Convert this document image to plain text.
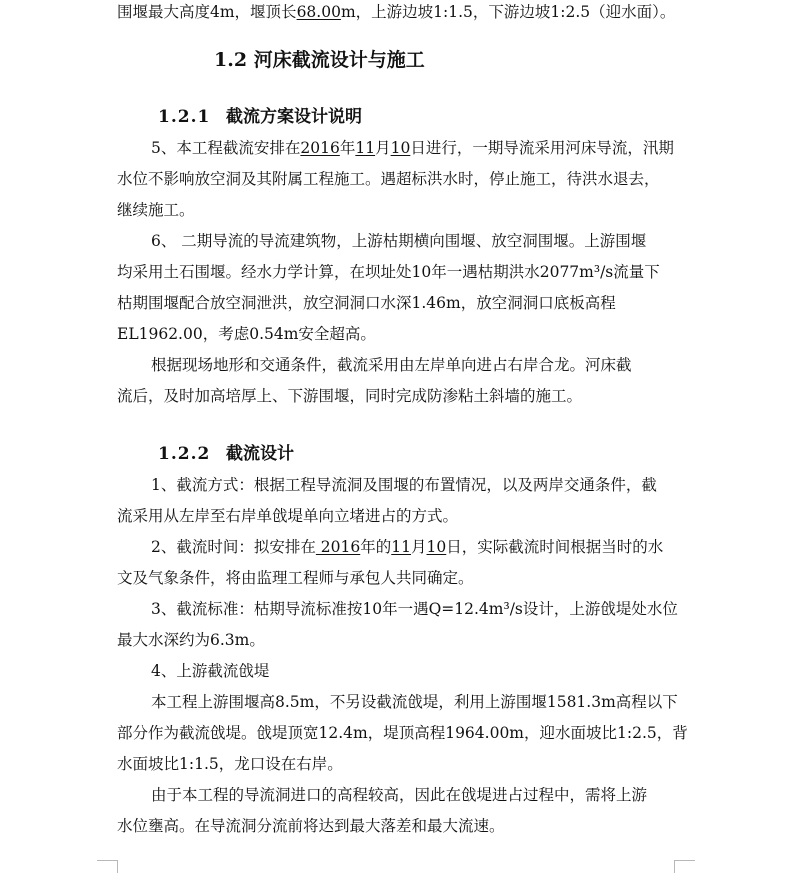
围堰最大高度4m，堰顶长68.00m，上游边坡1:1.5，下游边坡1:2.5（迎水面）。
1.2 河床截流设计与施工
1.2.1 截流方案设计说明
5、本工程截流安排在2016年11月10日进行，一期导流采用河床导流，汛期
水位不影响放空洞及其附属工程施工。遇超标洪水时，停止施工，待洪水退去，
继续施工。
6、 二期导流的导流建筑物，上游枯期横向围堰、放空洞围堰。上游围堰
均采用土石围堰。经水力学计算，在坝址处10年一遇枯期洪水2077m³/s流量下
枯期围堰配合放空洞泄洪，放空洞洞口水深1.46m，放空洞洞口底板高程
EL1962.00，考虑0.54m安全超高。
根据现场地形和交通条件，截流采用由左岸单向进占右岸合龙。河床截
流后，及时加高培厚上、下游围堰，同时完成防渗粘土斜墙的施工。
1.2.2 截流设计
1、截流方式：根据工程导流洞及围堰的布置情况，以及两岸交通条件，截
流采用从左岸至右岸单戗堤单向立堵进占的方式。
2、截流时间：拟安排在 2016年的11月10日，实际截流时间根据当时的水
文及气象条件，将由监理工程师与承包人共同确定。
3、截流标准：枯期导流标准按10年一遇Q=12.4m³/s设计，上游戗堤处水位
最大水深约为6.3m。
4、上游截流戗堤
本工程上游围堰高8.5m，不另设截流戗堤，利用上游围堰1581.3m高程以下
部分作为截流戗堤。戗堤顶宽12.4m，堤顶高程1964.00m，迎水面坡比1:2.5，背
水面坡比1:1.5，龙口设在右岸。
由于本工程的导流洞进口的高程较高，因此在戗堤进占过程中，需将上游
水位壅高。在导流洞分流前将达到最大落差和最大流速。
